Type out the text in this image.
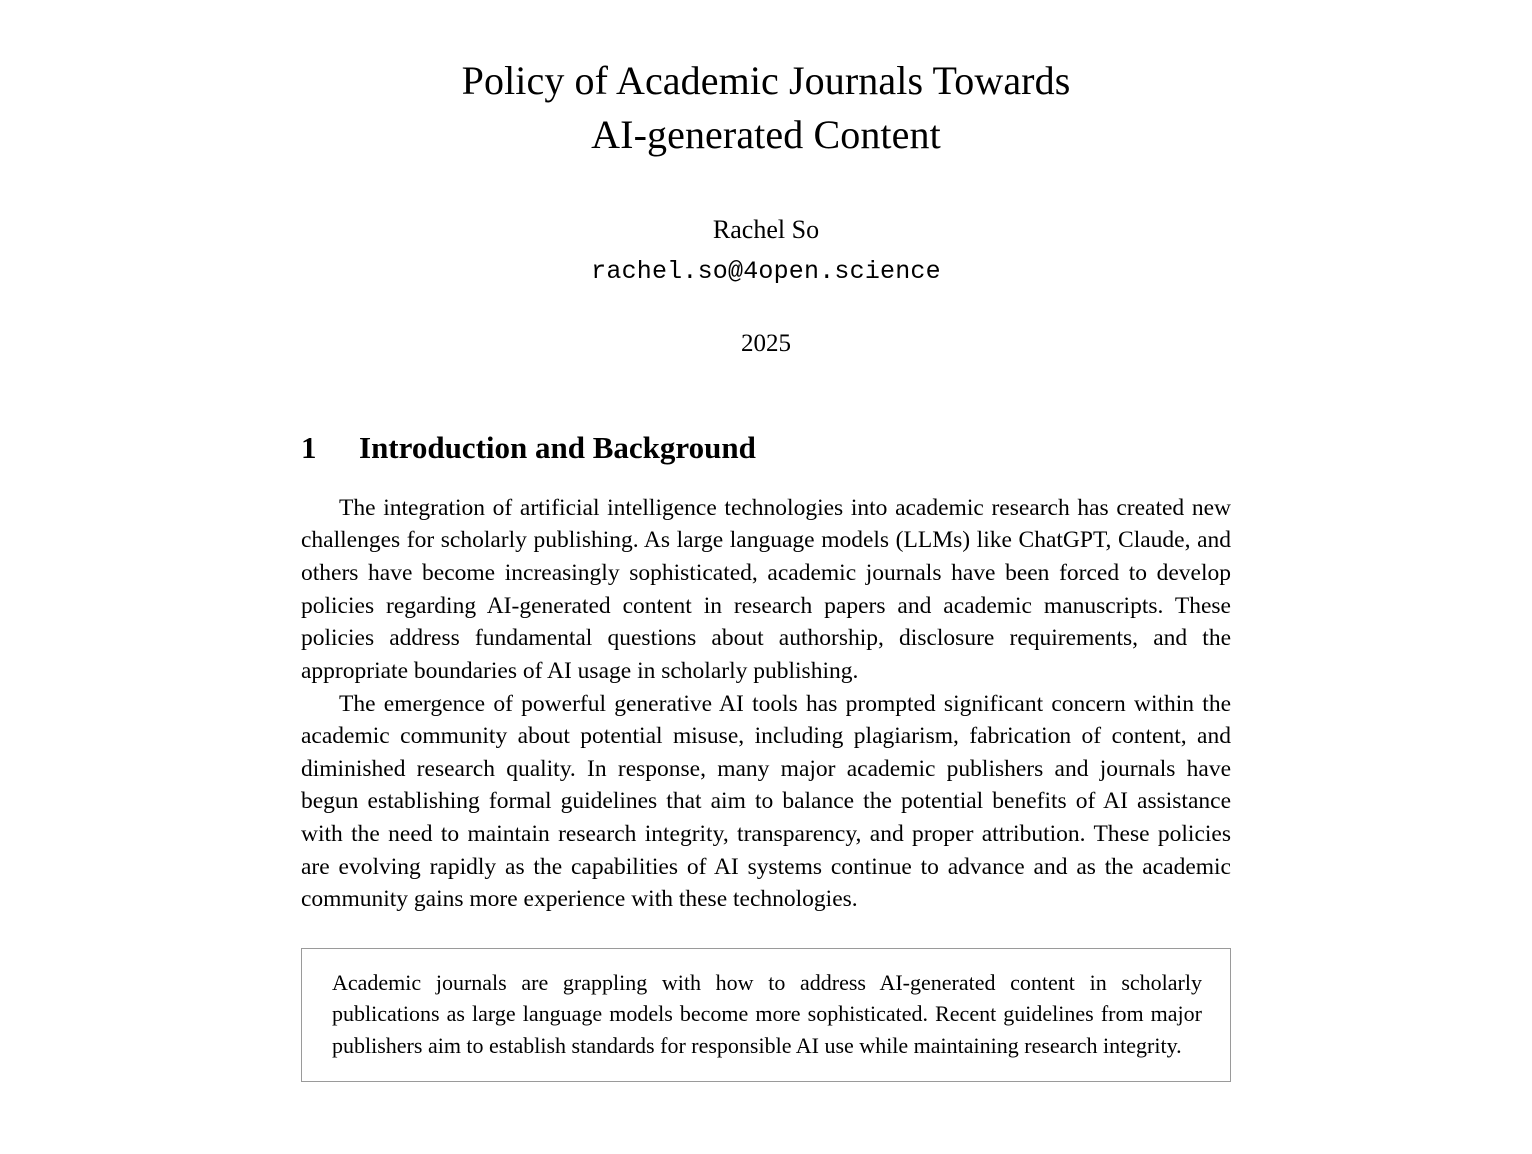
Policy of Academic Journals Towards
AI-generated Content
Rachel So
rachel.so@4open.science
2025
1	Introduction and Background

The integration of artificial intelligence technologies into academic research has created new challenges for scholarly publishing. As large language models (LLMs) like ChatGPT, Claude, and others have become increasingly sophisticated, academic journals have been forced to develop policies regarding AI-generated content in research papers and academic manuscripts. These policies address fundamental questions about authorship, disclosure requirements, and the appropriate boundaries of AI usage in scholarly publishing.

The emergence of powerful generative AI tools has prompted significant concern within the academic community about potential misuse, including plagiarism, fabrication of content, and diminished research quality. In response, many major academic publishers and journals have begun establishing formal guidelines that aim to balance the potential benefits of AI assistance with the need to maintain research integrity, transparency, and proper attribution. These policies are evolving rapidly as the capabilities of AI systems continue to advance and as the academic community gains more experience with these technologies.

Academic journals are grappling with how to address AI-generated content in scholarly publications as large language models become more sophisticated. Recent guidelines from major publishers aim to establish standards for responsible AI use while maintaining research integrity.
